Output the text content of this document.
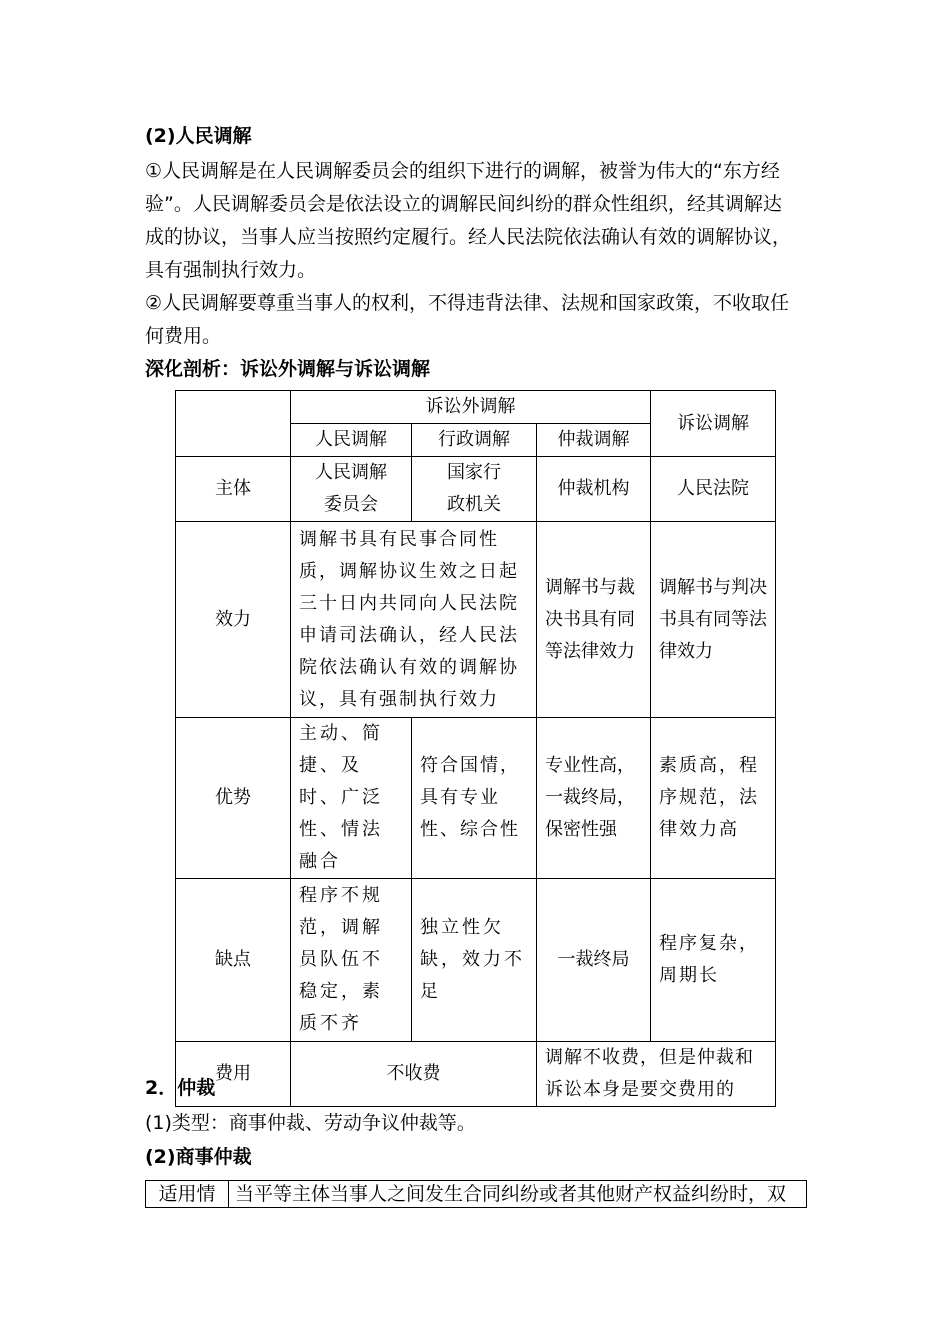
(2)人民调解
①人民调解是在人民调解委员会的组织下进行的调解，被誉为伟大的“东方经
验”。人民调解委员会是依法设立的调解民间纠纷的群众性组织，经其调解达
成的协议，当事人应当按照约定履行。经人民法院依法确认有效的调解协议，
具有强制执行效力。
②人民调解要尊重当事人的权利，不得违背法律、法规和国家政策，不收取任
何费用。
深化剖析：诉讼外调解与诉讼调解
	诉讼外调解			诉讼调解
	人民调解	行政调解	仲裁调解	
主体	人民调解委员会	国家行政机关	仲裁机构	人民法院
效力	调解书具有民事合同性质，调解协议生效之日起三十日内共同向人民法院申请司法确认，经人民法院依法确认有效的调解协议，具有强制执行效力		调解书与裁决书具有同等法律效力	调解书与判决书具有同等法律效力
优势	主动、简捷、及时、广泛性、情法融合	符合国情，具有专业性、综合性	专业性高，一裁终局，保密性强	素质高，程序规范，法律效力高
缺点	程序不规范，调解员队伍不稳定，素质不齐	独立性欠缺，效力不足	一裁终局	程序复杂，周期长
费用	不收费		调解不收费，但是仲裁和诉讼本身是要交费用的	
2．仲裁
(1)类型：商事仲裁、劳动争议仲裁等。
(2)商事仲裁
适用情	当平等主体当事人之间发生合同纠纷或者其他财产权益纠纷时，双
